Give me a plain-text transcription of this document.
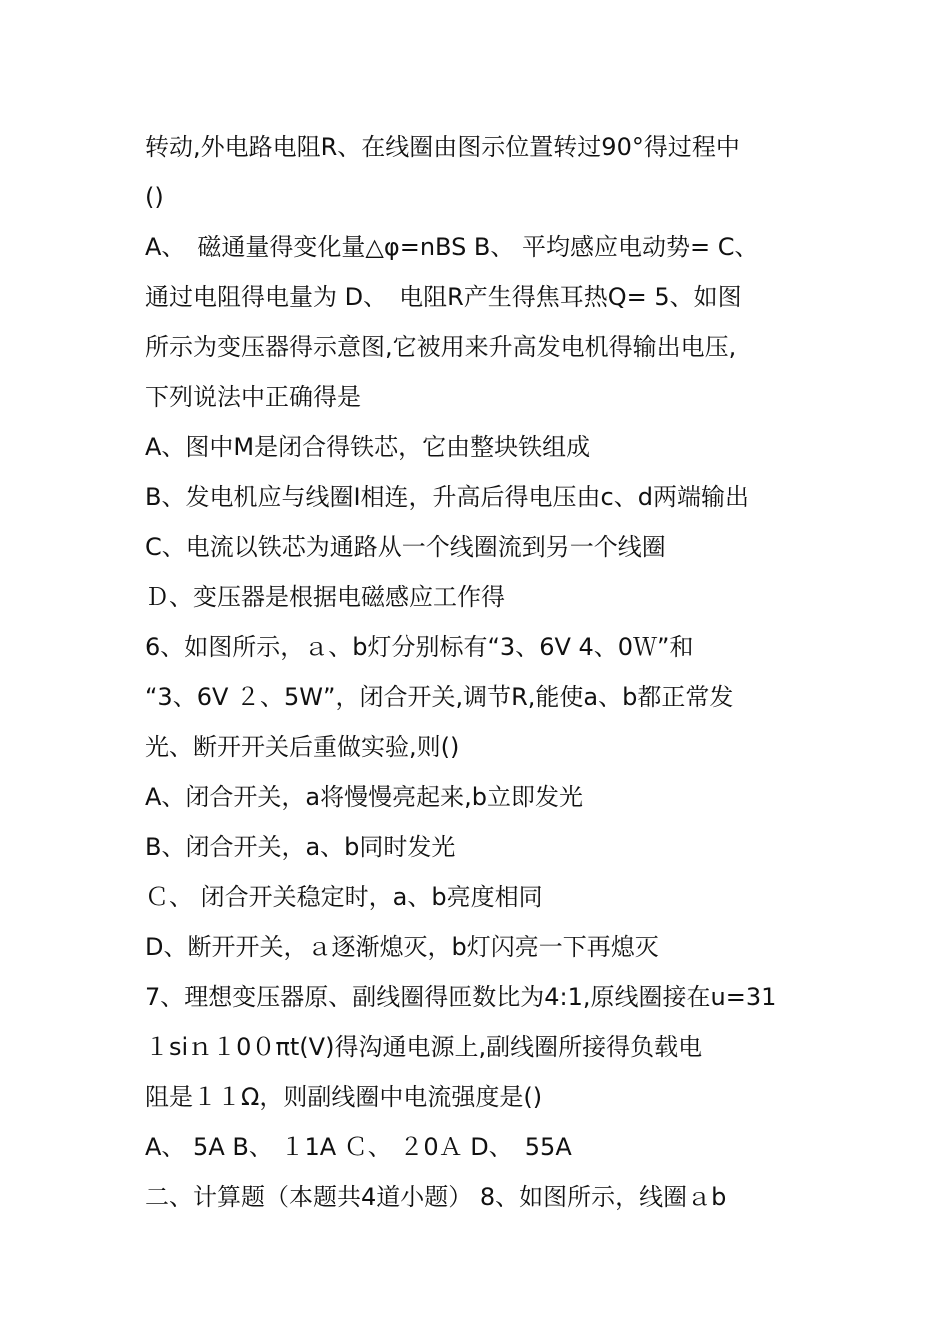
转动,外电路电阻R、在线圈由图示位置转过90°得过程中
()
A、　磁通量得变化量△φ=nBS B、 平均感应电动势= C、
通过电阻得电量为 D、　电阻R产生得焦耳热Q= 5、如图
所示为变压器得示意图,它被用来升高发电机得输出电压,
下列说法中正确得是
A、图中M是闭合得铁芯，它由整块铁组成
B、发电机应与线圈Ⅰ相连，升高后得电压由c、d两端输出
C、电流以铁芯为通路从一个线圈流到另一个线圈
Ｄ、变压器是根据电磁感应工作得
6、如图所示，ａ、b灯分别标有“3、6V 4、0Ｗ”和
“3、6V ２、5W”，闭合开关,调节R,能使a、b都正常发
光、断开开关后重做实验,则()
A、闭合开关，a将慢慢亮起来,b立即发光
B、闭合开关，a、b同时发光
Ｃ、 闭合开关稳定时，a、b亮度相同
D、断开开关，ａ逐渐熄灭，b灯闪亮一下再熄灭
7、理想变压器原、副线圈得匝数比为4:1,原线圈接在u=31
１siｎ１0０πt(V)得沟通电源上,副线圈所接得负载电
阻是１１Ω，则副线圈中电流强度是()
A、 5A B、 １1A Ｃ、 ２0Ａ D、　55A
二、计算题（本题共4道小题） 8、如图所示，线圈ａb
